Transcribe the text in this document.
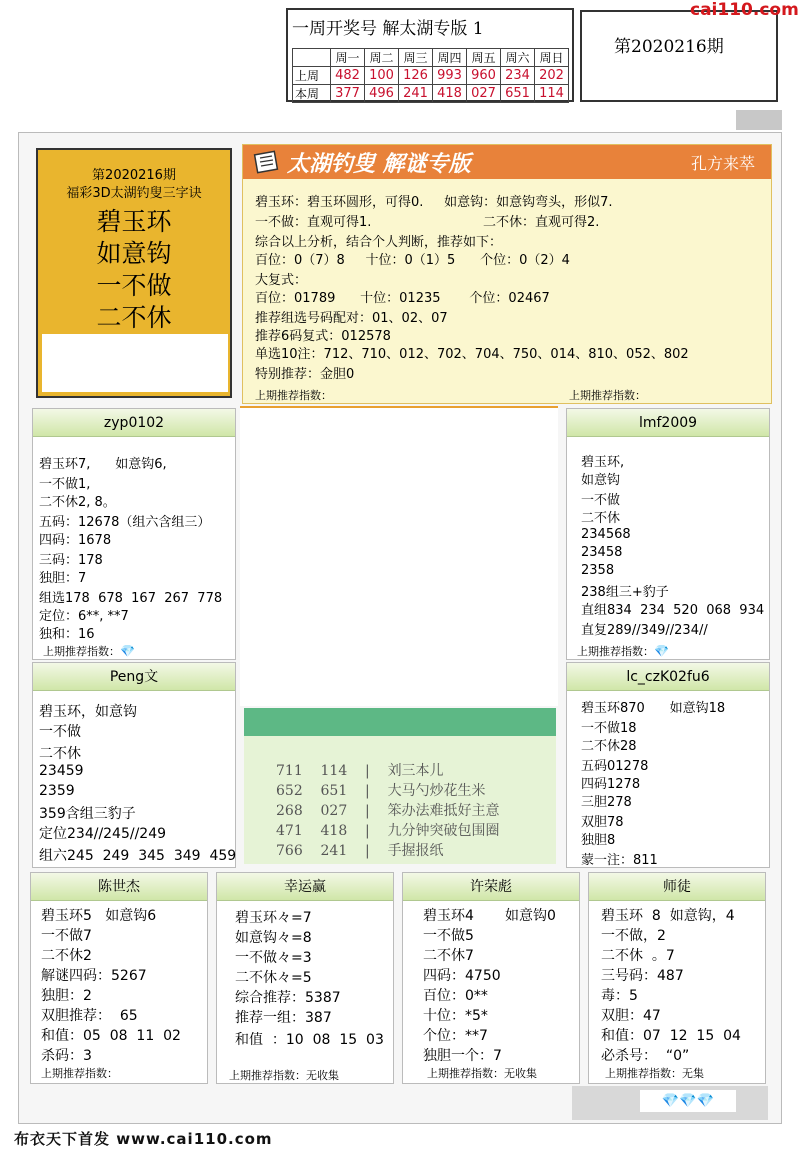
一周开奖号 解太湖专版 1
	周一	周二	周三	周四	周五	周六	周日
上周	482	100	126	993	960	234	202
本周	377	496	241	418	027	651	114
第2020216期
cai110.com
第2020216期
福彩3D太湖钓叟三字诀
碧玉环
如意钩
一不做
二不休
太湖钓叟 解谜专版	孔方来萃
碧玉环：碧玉环圆形，可得0.     如意钩：如意钩弯头，形似7.
一不做：直观可得1.                           二不休：直观可得2.
综合以上分析，结合个人判断，推荐如下：
百位：0（7）8     十位：0（1）5      个位：0（2）4
大复式：
百位：01789      十位：01235       个位：02467
推荐组选号码配对：01、02、07
推荐6码复式：012578
单选10注：712、710、012、702、704、750、014、810、052、802
特别推荐：金胆0
上期推荐指数：	上期推荐指数：
zyp0102
碧玉环7,      如意钩6,
一不做1,
二不休2, 8。
五码：12678（组六含组三）
四码：1678
三码：178
独胆：7
组选178  678  167  267  778
定位：6**, **7
独和：16
上期推荐指数：💎
lmf2009
碧玉环,
如意钩
一不做
二不休
234568
23458
2358
238组三+豹子
直组834  234  520  068  934
直复289//349//234//
上期推荐指数：💎
Peng文
碧玉环，如意钩
一不做
二不休
23459
2359
359含组三豹子
定位234//245//249
组六245  249  345  349  459
lc_czK02fu6
碧玉环870      如意钩18
一不做18
二不休28
五码01278
四码1278
三胆278
双胆78
独胆8
蒙一注：811
711    114    |    刘三本儿
652    651    |    大马勺炒花生米
268    027    |    笨办法难抵好主意
471    418    |    九分钟突破包围圈
766    241    |    手握报纸
陈世杰
碧玉环5   如意钩6
一不做7
二不休2
解谜四码：5267
独胆：2
双胆推荐：  65
和值：05  08  11  02
杀码：3
上期推荐指数：
幸运赢
碧玉环々=7
如意钩々=8
一不做々=3
二不休々=5
综合推荐：5387
推荐一组：387
和值  ：10  08  15  03
上期推荐指数：无收集
许荣彪
碧玉环4       如意钩0
一不做5
二不休7
四码：4750
百位：0**
十位：*5*
个位：**7
独胆一个：7
上期推荐指数：无收集
师徒
碧玉环  8  如意钩，4
一不做，2
二不休  。7
三号码：487
毒：5
双胆：47
和值：07  12  15  04
必杀号：  “0”
上期推荐指数：无集
💎💎💎
布衣天下首发 www.cai110.com
